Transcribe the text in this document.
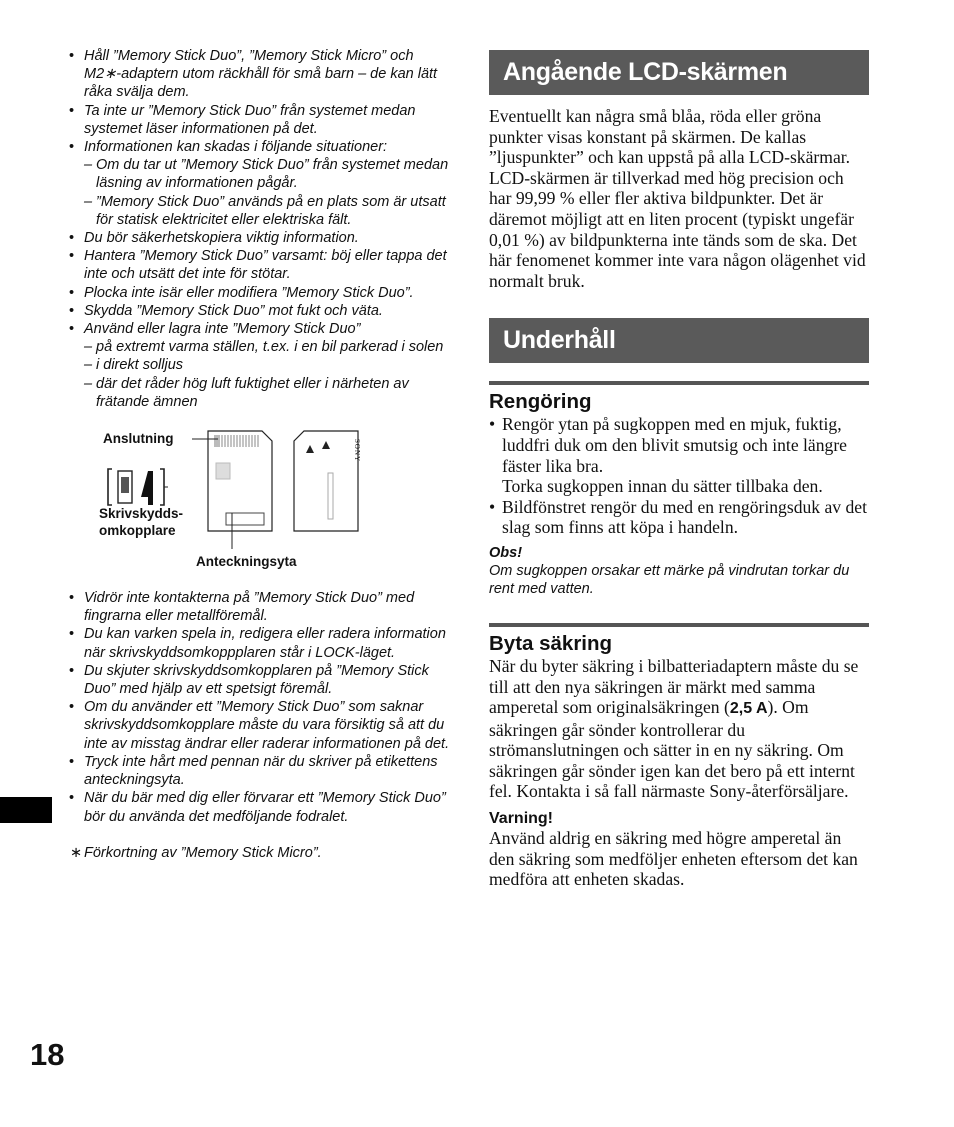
• Håll ”Memory Stick Duo”, ”Memory Stick Micro” och M2∗-adaptern utom räckhåll för små barn – de kan lätt råka svälja dem.
• Ta inte ur ”Memory Stick Duo” från systemet medan systemet läser informationen på det.
• Informationen kan skadas i följande situationer:
– Om du tar ut ”Memory Stick Duo” från systemet medan läsning av informationen pågår.
– ”Memory Stick Duo” används på en plats som är utsatt för statisk elektricitet eller elektriska fält.
• Du bör säkerhetskopiera viktig information.
• Hantera ”Memory Stick Duo” varsamt: böj eller tappa det inte och utsätt det inte för stötar.
• Plocka inte isär eller modifiera ”Memory Stick Duo”.
• Skydda ”Memory Stick Duo” mot fukt och väta.
• Använd eller lagra inte ”Memory Stick Duo”
– på extremt varma ställen, t.ex. i en bil parkerad i solen
– i direkt solljus
– där det råder hög luft fuktighet eller i närheten av frätande ämnen
Anslutning
Skrivskydds-
omkopplare
Anteckningsyta
SONY
• Vidrör inte kontakterna på ”Memory Stick Duo” med fingrarna eller metallföremål.
• Du kan varken spela in, redigera eller radera information när skrivskyddsomkoppplaren står i LOCK-läget.
• Du skjuter skrivskyddsomkopplaren på ”Memory Stick Duo” med hjälp av ett spetsigt föremål.
• Om du använder ett ”Memory Stick Duo” som saknar skrivskyddsomkopplare måste du vara försiktig så att du inte av misstag ändrar eller raderar informationen på det.
• Tryck inte hårt med pennan när du skriver på etikettens anteckningsyta.
• När du bär med dig eller förvarar ett ”Memory Stick Duo” bör du använda det medföljande fodralet.
∗ Förkortning av ”Memory Stick Micro”.
Angående LCD-skärmen

Eventuellt kan några små blåa, röda eller gröna punkter visas konstant på skärmen. De kallas ”ljuspunkter” och kan uppstå på alla LCD-skärmar. LCD-skärmen är tillverkad med hög precision och har 99,99 % eller fler aktiva bildpunkter. Det är däremot möjligt att en liten procent (typiskt ungefär 0,01 %) av bildpunkterna inte tänds som de ska. Det här fenomenet kommer inte vara någon olägenhet vid normalt bruk.

Underhåll
Rengöring
• Rengör ytan på sugkoppen med en mjuk, fuktig, luddfri duk om den blivit smutsig och inte längre fäster lika bra.
Torka sugkoppen innan du sätter tillbaka den.
• Bildfönstret rengör du med en rengöringsduk av det slag som finns att köpa i handeln.
Obs!
Om sugkoppen orsakar ett märke på vindrutan torkar du rent med vatten.
Byta säkring

När du byter säkring i bilbatteriadaptern måste du se till att den nya säkringen är märkt med samma amperetal som originalsäkringen (2,5 A). Om säkringen går sönder kontrollerar du strömanslutningen och sätter in en ny säkring. Om säkringen går sönder igen kan det bero på ett internt fel. Kontakta i så fall närmaste Sony-återförsäljare.

Varning!

Använd aldrig en säkring med högre amperetal än den säkring som medföljer enheten eftersom det kan medföra att enheten skadas.

18
